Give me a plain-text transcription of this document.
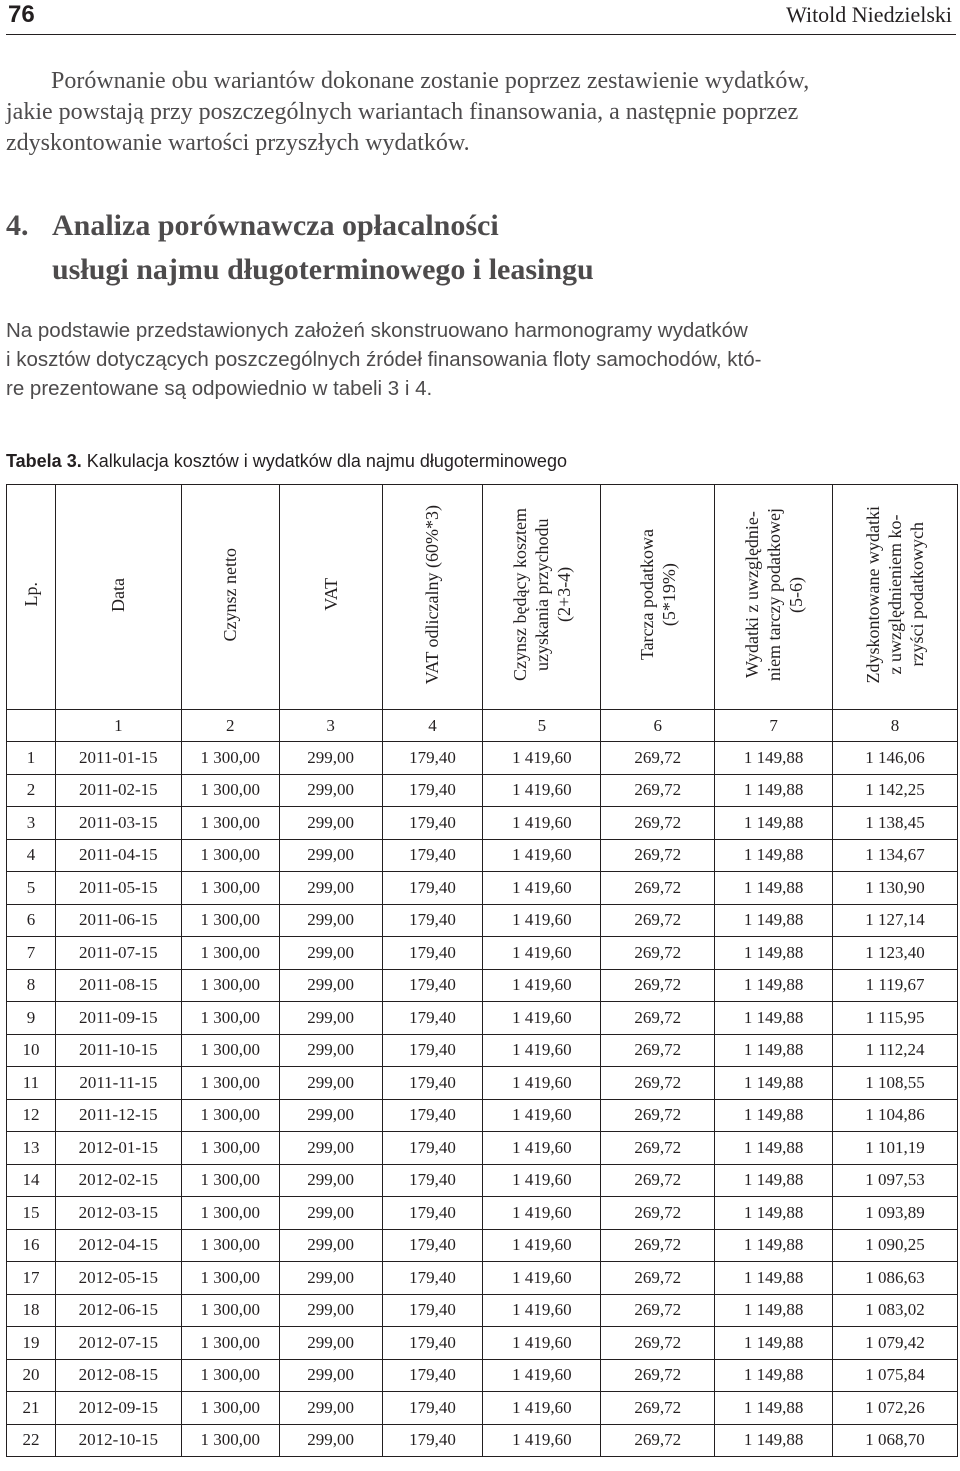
76	Witold Niedzielski
Porównanie obu wariantów dokonane zostanie poprzez zestawienie wydatków,
jakie powstają przy poszczególnych wariantach finansowania, a następnie poprzez
zdyskontowanie wartości przyszłych wydatków.
4. Analiza porównawcza opłacalności
usługi najmu długoterminowego i leasingu
Na podstawie przedstawionych założeń skonstruowano harmonogramy wydatków
i kosztów dotyczących poszczególnych źródeł finansowania floty samochodów, któ-
re prezentowane są odpowiednio w tabeli 3 i 4.
Tabela 3. Kalkulacja kosztów i wydatków dla najmu długoterminowego
Lp.	Data	Czynsz netto	VAT	VAT odliczalny (60%*3)	Czynsz będący kosztem uzyskania przychodu (2+3-4)	Tarcza podatkowa (5*19%)	Wydatki z uwzględnie- niem tarczy podatkowej (5-6)	Zdyskontowane wydatki z uwzględnieniem ko- rzyści podatkowych

	1	2	3	4	5	6	7	8
1	2011-01-15	1 300,00	299,00	179,40	1 419,60	269,72	1 149,88	1 146,06
2	2011-02-15	1 300,00	299,00	179,40	1 419,60	269,72	1 149,88	1 142,25
3	2011-03-15	1 300,00	299,00	179,40	1 419,60	269,72	1 149,88	1 138,45
4	2011-04-15	1 300,00	299,00	179,40	1 419,60	269,72	1 149,88	1 134,67
5	2011-05-15	1 300,00	299,00	179,40	1 419,60	269,72	1 149,88	1 130,90
6	2011-06-15	1 300,00	299,00	179,40	1 419,60	269,72	1 149,88	1 127,14
7	2011-07-15	1 300,00	299,00	179,40	1 419,60	269,72	1 149,88	1 123,40
8	2011-08-15	1 300,00	299,00	179,40	1 419,60	269,72	1 149,88	1 119,67
9	2011-09-15	1 300,00	299,00	179,40	1 419,60	269,72	1 149,88	1 115,95
10	2011-10-15	1 300,00	299,00	179,40	1 419,60	269,72	1 149,88	1 112,24
11	2011-11-15	1 300,00	299,00	179,40	1 419,60	269,72	1 149,88	1 108,55
12	2011-12-15	1 300,00	299,00	179,40	1 419,60	269,72	1 149,88	1 104,86
13	2012-01-15	1 300,00	299,00	179,40	1 419,60	269,72	1 149,88	1 101,19
14	2012-02-15	1 300,00	299,00	179,40	1 419,60	269,72	1 149,88	1 097,53
15	2012-03-15	1 300,00	299,00	179,40	1 419,60	269,72	1 149,88	1 093,89
16	2012-04-15	1 300,00	299,00	179,40	1 419,60	269,72	1 149,88	1 090,25
17	2012-05-15	1 300,00	299,00	179,40	1 419,60	269,72	1 149,88	1 086,63
18	2012-06-15	1 300,00	299,00	179,40	1 419,60	269,72	1 149,88	1 083,02
19	2012-07-15	1 300,00	299,00	179,40	1 419,60	269,72	1 149,88	1 079,42
20	2012-08-15	1 300,00	299,00	179,40	1 419,60	269,72	1 149,88	1 075,84
21	2012-09-15	1 300,00	299,00	179,40	1 419,60	269,72	1 149,88	1 072,26
22	2012-10-15	1 300,00	299,00	179,40	1 419,60	269,72	1 149,88	1 068,70
